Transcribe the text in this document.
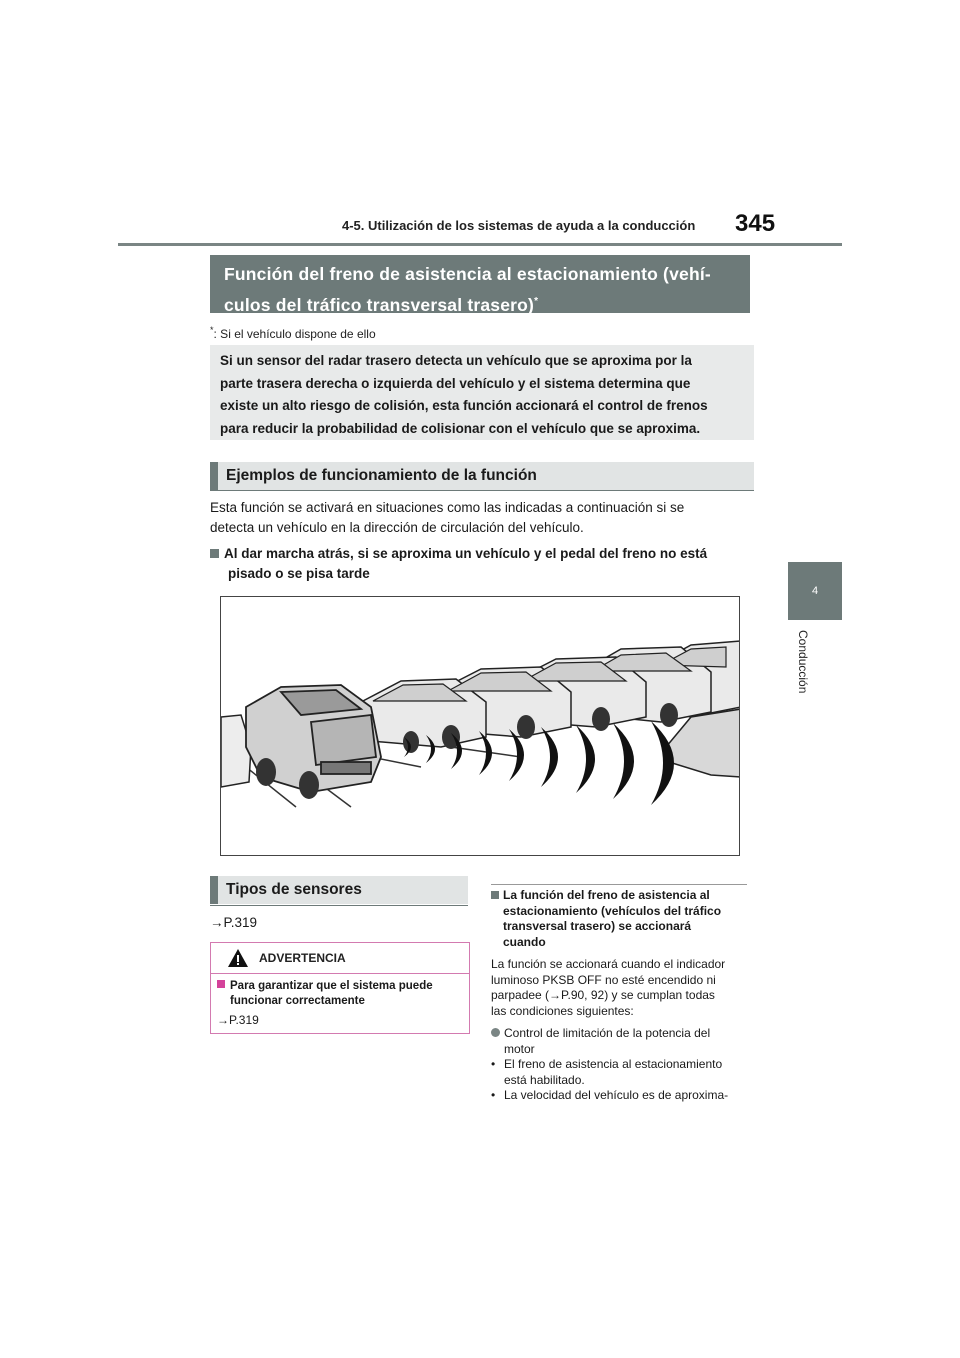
4-5. Utilización de los sistemas de ayuda a la conducción 345
4
Conducción
Función del freno de asistencia al estacionamiento (vehí-
culos del tráfico transversal trasero)*
*: Si el vehículo dispone de ello
Si un sensor del radar trasero detecta un vehículo que se aproxima por la
parte trasera derecha o izquierda del vehículo y el sistema determina que
existe un alto riesgo de colisión, esta función accionará el control de frenos
para reducir la probabilidad de colisionar con el vehículo que se aproxima.
Ejemplos de funcionamiento de la función
Esta función se activará en situaciones como las indicadas a continuación si se
detecta un vehículo en la dirección de circulación del vehículo.
Al dar marcha atrás, si se aproxima un vehículo y el pedal del freno no está
pisado o se pisa tarde
Tipos de sensores
→P.319
ADVERTENCIA
Para garantizar que el sistema puede
funcionar correctamente
→P.319
La función del freno de asistencia al
estacionamiento (vehículos del tráfico
transversal trasero) se accionará
cuando
La función se accionará cuando el indicador
luminoso PKSB OFF no esté encendido ni
parpadee (→P.90, 92) y se cumplan todas
las condiciones siguientes:
Control de limitación de la potencia del
motor
• El freno de asistencia al estacionamiento
está habilitado.
• La velocidad del vehículo es de aproxima-
